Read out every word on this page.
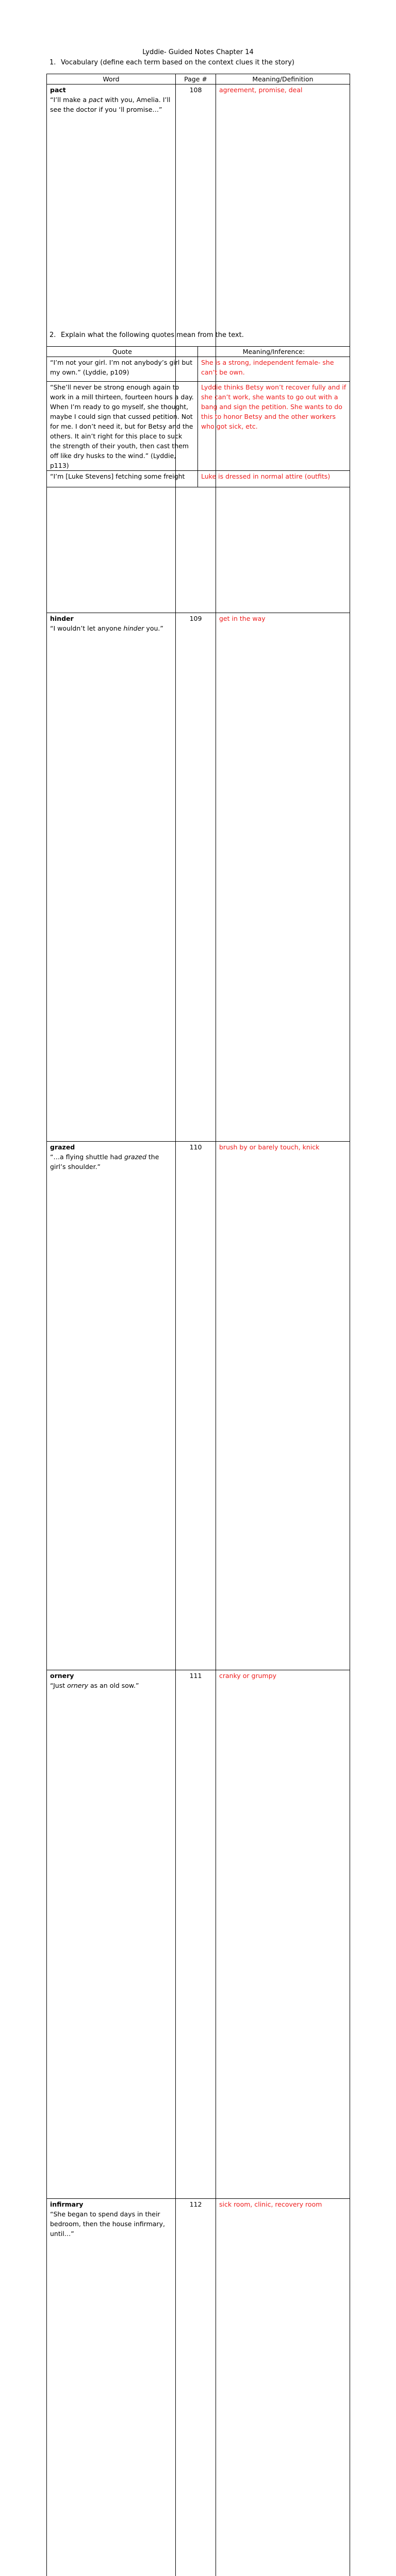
Lyddie- Guided Notes Chapter 14
1. Vocabulary (define each term based on the context clues it the story)
Word	Page #	Meaning/Definition

pact
“I’ll make a pact with you, Amelia. I’ll see the doctor if you ‘ll promise…”	108	agreement, promise, deal

hinder
“I wouldn’t let anyone hinder you.”	109	get in the way

grazed
“…a flying shuttle had grazed the girl’s shoulder.”	110	brush by or barely touch, knick

ornery
“Just ornery as an old sow.”	111	cranky or grumpy

infirmary
“She began to spend days in their bedroom, then the house infirmary, until…”	112	sick room, clinic, recovery room

2. Explain what the following quotes mean from the text.
Quote	Meaning/Inference:
“I’m not your girl. I’m not anybody’s girl but my own.” (Lyddie, p109)	She is a strong, independent female- she can’t be own.
“She’ll never be strong enough again to work in a mill thirteen, fourteen hours a day. When I’m ready to go myself, she thought, maybe I could sign that cussed petition. Not for me. I don’t need it, but for Betsy and the others. It ain’t right for this place to suck the strength of their youth, then cast them off like dry husks to the wind.” (Lyddie, p113)	Lyddie thinks Betsy won’t recover fully and if she can’t work, she wants to go out with a bang and sign the petition. She wants to do this to honor Betsy and the other workers who got sick, etc.
“I’m [Luke Stevens] fetching some freight	Luke is dressed in normal attire (outfits)
